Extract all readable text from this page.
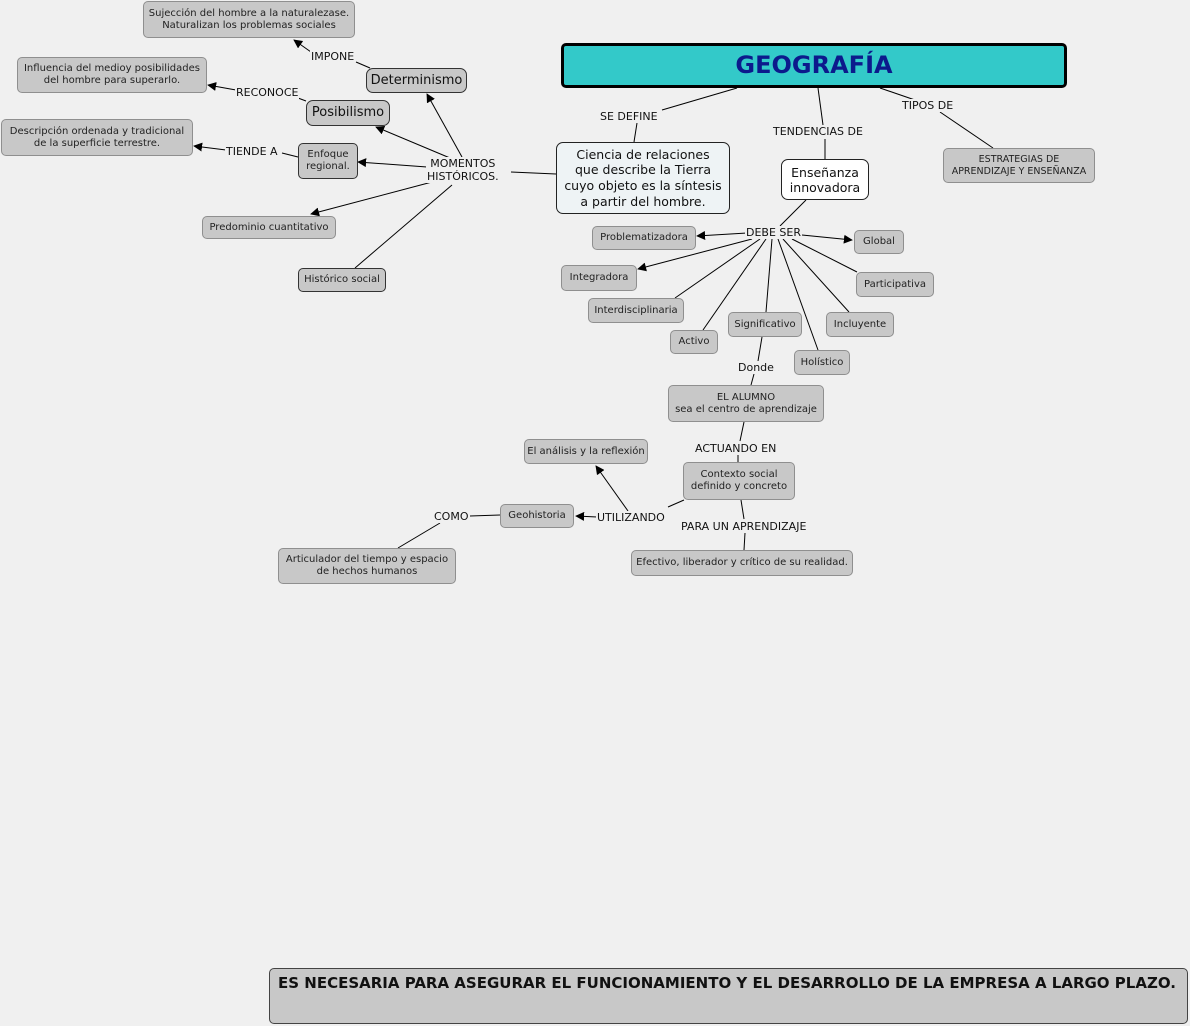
GEOGRAFÍA
Ciencia de relaciones
que describe la Tierra
cuyo objeto es la síntesis
a partir del hombre.
Enseñanza
innovadora
ESTRATEGIAS DE
APRENDIZAJE Y ENSEÑANZA
Sujección del hombre a la naturalezase.
Naturalizan los problemas sociales
Determinismo
Influencia del medioy posibilidades
del hombre para superarlo.
Posibilismo
Descripción ordenada y tradicional
de la superficie terrestre.
Enfoque
regional.
Predominio cuantitativo
Histórico social
Problematizadora	Global
Integradora
Participativa
Interdisciplinaria
Significativo	Incluyente
Activo
Holístico
EL ALUMNO
sea el centro de aprendizaje
El análisis y la reflexión
Contexto social
definido y concreto
Geohistoria
Articulador del tiempo y espacio
de hechos humanos
Efectivo, liberador y crítico de su realidad.
SE DEFINE
TENDENCIAS DE
TIPOS DE
IMPONE
RECONOCE
TIENDE A
MOMENTOS
HISTÓRICOS.
DEBE SER
Donde
ACTUANDO EN
UTILIZANDO
COMO
PARA UN APRENDIZAJE
ES NECESARIA PARA ASEGURAR EL FUNCIONAMIENTO Y EL DESARROLLO DE LA EMPRESA A LARGO PLAZO.
